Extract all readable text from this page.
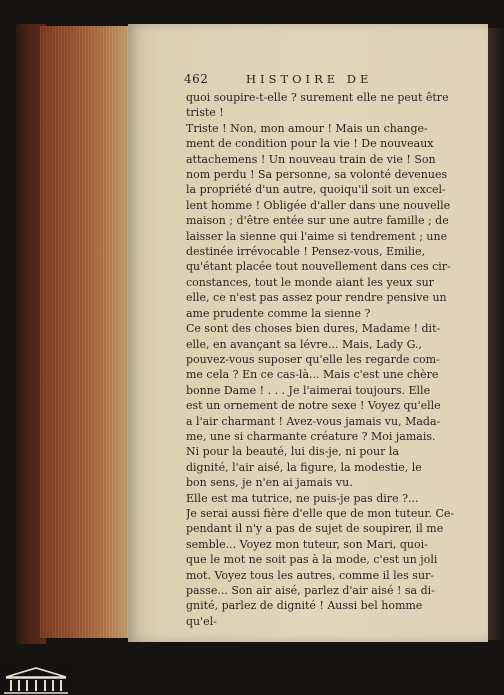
462	HISTOIRE DE
quoi soupire-t-elle ? surement elle ne peut être
triste !
Triste ! Non, mon amour ! Mais un change-
ment de condition pour la vie ! De nouveaux
attachemens ! Un nouveau train de vie ! Son
nom perdu ! Sa personne, sa volonté devenues
la propriété d'un autre, quoiqu'il soit un excel-
lent homme ! Obligée d'aller dans une nouvelle
maison ; d'être entée sur une autre famille ; de
laisser la sienne qui l'aime si tendrement ; une
destinée irrévocable ! Pensez-vous, Emilie,
qu'étant placée tout nouvellement dans ces cir-
constances, tout le monde aiant les yeux sur
elle, ce n'est pas assez pour rendre pensive un
ame prudente comme la sienne ?
Ce sont des choses bien dures, Madame ! dit-
elle, en avançant sa lévre... Mais, Lady G.,
pouvez-vous suposer qu'elle les regarde com-
me cela ? En ce cas-là... Mais c'est une chère
bonne Dame ! . . . Je l'aimerai toujours. Elle
est un ornement de notre sexe ! Voyez qu'elle
a l'air charmant ! Avez-vous jamais vu, Mada-
me, une si charmante créature ? Moi jamais.
Ni pour la beauté, lui dis-je, ni pour la
dignité, l'air aisé, la figure, la modestie, le
bon sens, je n'en ai jamais vu.
Elle est ma tutrice, ne puis-je pas dire ?...
Je serai aussi fière d'elle que de mon tuteur. Ce-
pendant il n'y a pas de sujet de soupirer, il me
semble... Voyez mon tuteur, son Mari, quoi-
que le mot ne soit pas à la mode, c'est un joli
mot. Voyez tous les autres, comme il les sur-
passe... Son air aisé, parlez d'air aisé ! sa di-
gnité, parlez de dignité ! Aussi bel homme
qu'el-
